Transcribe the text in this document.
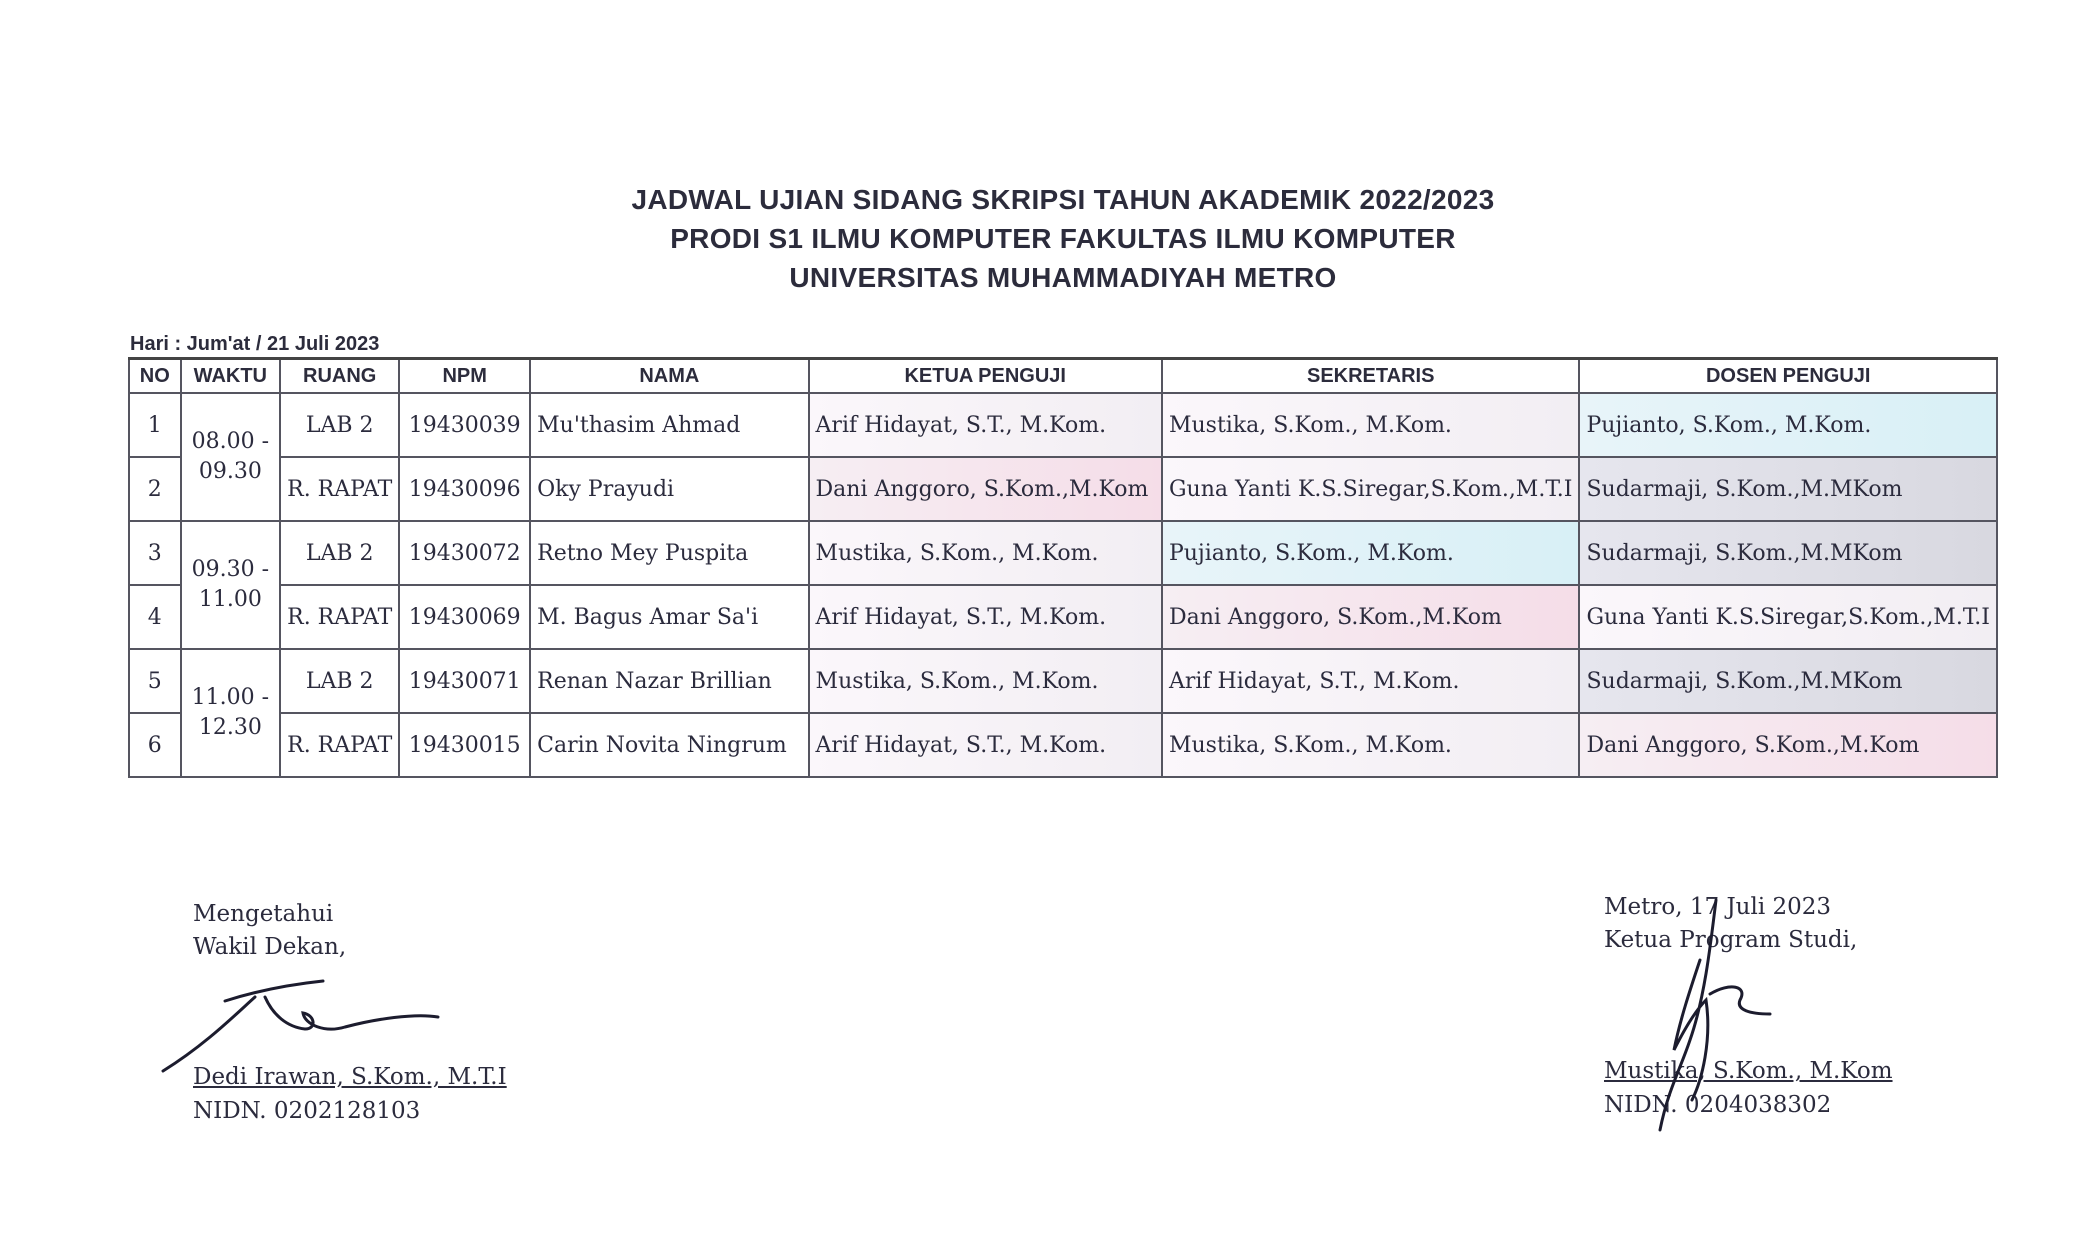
JADWAL UJIAN SIDANG SKRIPSI TAHUN AKADEMIK 2022/2023
PRODI S1 ILMU KOMPUTER FAKULTAS ILMU KOMPUTER
UNIVERSITAS MUHAMMADIYAH METRO
Hari : Jum'at / 21 Juli 2023
NO	WAKTU	RUANG	NPM	NAMA	KETUA PENGUJI	SEKRETARIS	DOSEN PENGUJI
1	08.00 - 09.30	LAB 2	19430039	Mu'thasim Ahmad	Arif Hidayat, S.T., M.Kom.	Mustika, S.Kom., M.Kom.	Pujianto, S.Kom., M.Kom.
2		R. RAPAT	19430096	Oky Prayudi	Dani Anggoro, S.Kom.,M.Kom	Guna Yanti K.S.Siregar,S.Kom.,M.T.I	Sudarmaji, S.Kom.,M.MKom
3	09.30 - 11.00	LAB 2	19430072	Retno Mey Puspita	Mustika, S.Kom., M.Kom.	Pujianto, S.Kom., M.Kom.	Sudarmaji, S.Kom.,M.MKom
4		R. RAPAT	19430069	M. Bagus Amar Sa'i	Arif Hidayat, S.T., M.Kom.	Dani Anggoro, S.Kom.,M.Kom	Guna Yanti K.S.Siregar,S.Kom.,M.T.I
5	11.00 - 12.30	LAB 2	19430071	Renan Nazar Brillian	Mustika, S.Kom., M.Kom.	Arif Hidayat, S.T., M.Kom.	Sudarmaji, S.Kom.,M.MKom
6		R. RAPAT	19430015	Carin Novita Ningrum	Arif Hidayat, S.T., M.Kom.	Mustika, S.Kom., M.Kom.	Dani Anggoro, S.Kom.,M.Kom
Mengetahui
Wakil Dekan,
Dedi Irawan, S.Kom., M.T.I
NIDN. 0202128103
Metro, 17 Juli 2023
Ketua Program Studi,
Mustika, S.Kom., M.Kom
NIDN. 0204038302
